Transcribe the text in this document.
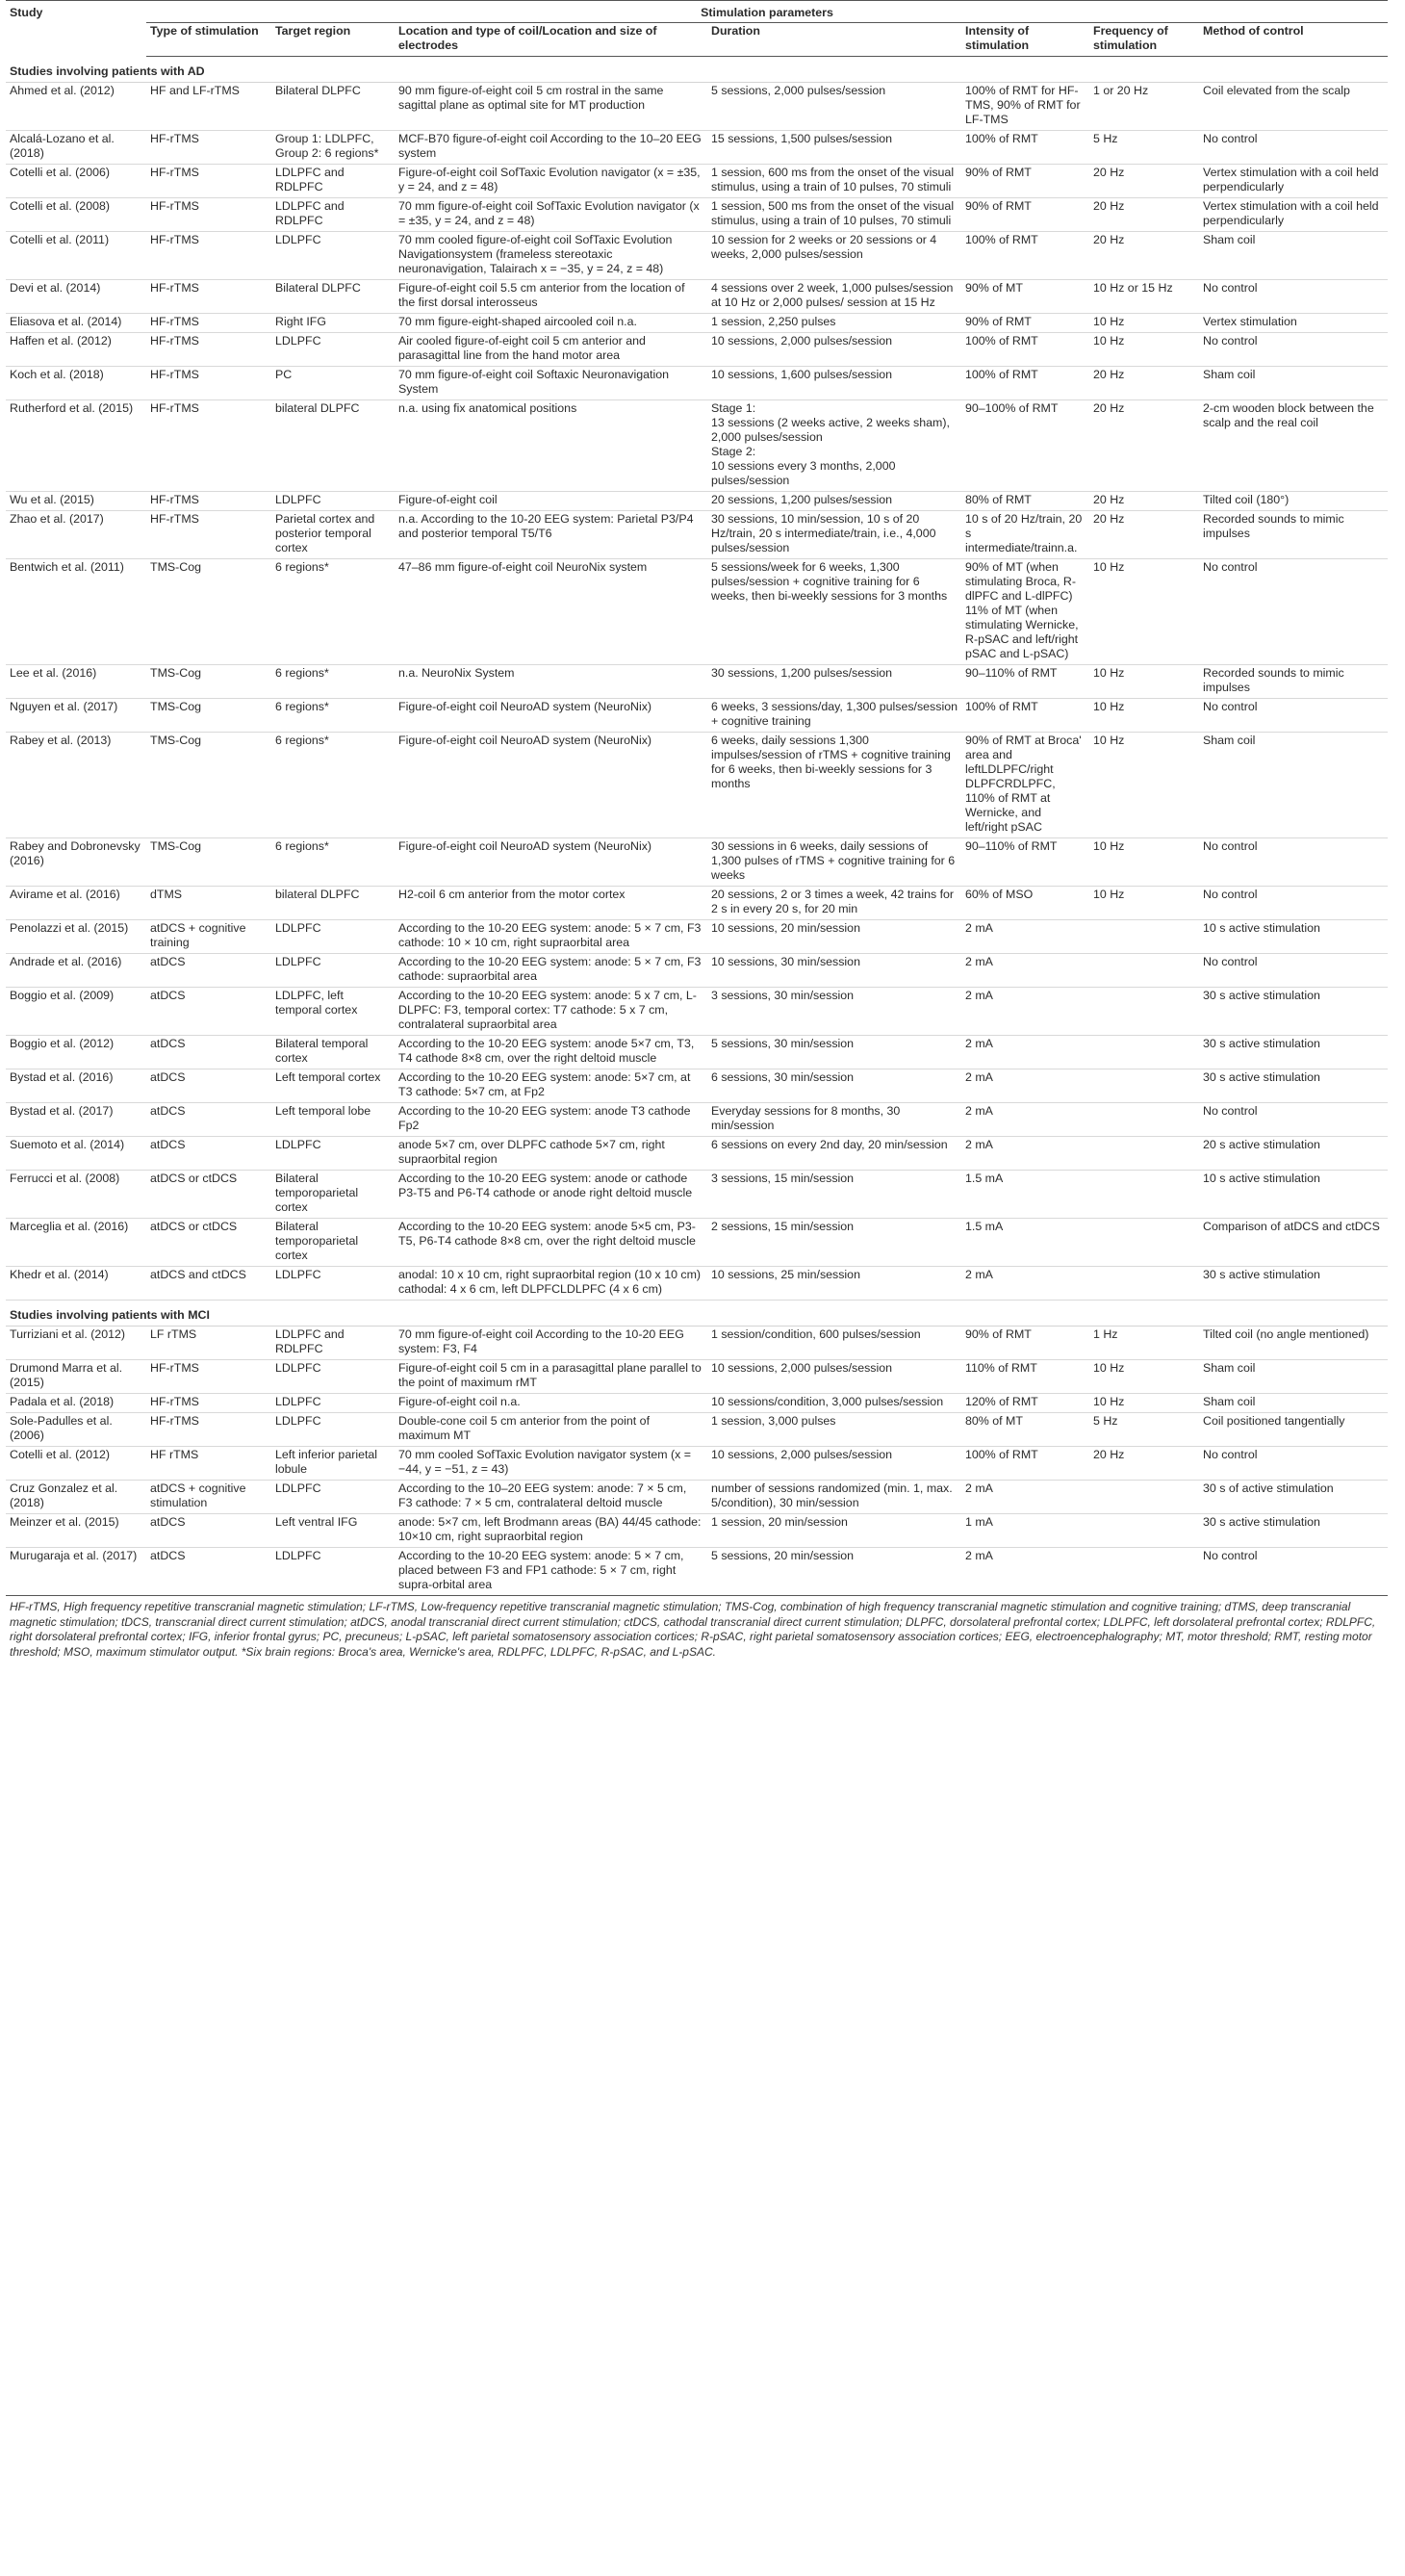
Study	Stimulation parameters						
	Type of stimulation	Target region	Location and type of coil/Location and size of electrodes	Duration	Intensity of stimulation	Frequency of stimulation	Method of control
Studies involving patients with AD							
Ahmed et al. (2012)	HF and LF-rTMS	Bilateral DLPFC	90 mm figure-of-eight coil 5 cm rostral in the same sagittal plane as optimal site for MT production	5 sessions, 2,000 pulses/session	100% of RMT for HF-TMS, 90% of RMT for LF-TMS	1 or 20 Hz	Coil elevated from the scalp
Alcalá-Lozano et al. (2018)	HF-rTMS	Group 1: LDLPFC, Group 2: 6 regions*	MCF-B70 figure-of-eight coil According to the 10–20 EEG system	15 sessions, 1,500 pulses/session	100% of RMT	5 Hz	No control
Cotelli et al. (2006)	HF-rTMS	LDLPFC and RDLPFC	Figure-of-eight coil SofTaxic Evolution navigator (x = ±35, y = 24, and z = 48)	1 session, 600 ms from the onset of the visual stimulus, using a train of 10 pulses, 70 stimuli	90% of RMT	20 Hz	Vertex stimulation with a coil held perpendicularly
Cotelli et al. (2008)	HF-rTMS	LDLPFC and RDLPFC	70 mm figure-of-eight coil SofTaxic Evolution navigator (x = ±35, y = 24, and z = 48)	1 session, 500 ms from the onset of the visual stimulus, using a train of 10 pulses, 70 stimuli	90% of RMT	20 Hz	Vertex stimulation with a coil held perpendicularly
Cotelli et al. (2011)	HF-rTMS	LDLPFC	70 mm cooled figure-of-eight coil SofTaxic Evolution Navigationsystem (frameless stereotaxic neuronavigation, Talairach x = −35, y = 24, z = 48)	10 session for 2 weeks or 20 sessions or 4 weeks, 2,000 pulses/session	100% of RMT	20 Hz	Sham coil
Devi et al. (2014)	HF-rTMS	Bilateral DLPFC	Figure-of-eight coil 5.5 cm anterior from the location of the first dorsal interosseus	4 sessions over 2 week, 1,000 pulses/session at 10 Hz or 2,000 pulses/ session at 15 Hz	90% of MT	10 Hz or 15 Hz	No control
Eliasova et al. (2014)	HF-rTMS	Right IFG	70 mm figure-eight-shaped aircooled coil n.a.	1 session, 2,250 pulses	90% of RMT	10 Hz	Vertex stimulation
Haffen et al. (2012)	HF-rTMS	LDLPFC	Air cooled figure-of-eight coil 5 cm anterior and parasagittal line from the hand motor area	10 sessions, 2,000 pulses/session	100% of RMT	10 Hz	No control
Koch et al. (2018)	HF-rTMS	PC	70 mm figure-of-eight coil Softaxic Neuronavigation System	10 sessions, 1,600 pulses/session	100% of RMT	20 Hz	Sham coil
Rutherford et al. (2015)	HF-rTMS	bilateral DLPFC	n.a. using fix anatomical positions	Stage 1:
13 sessions (2 weeks active, 2 weeks sham), 2,000 pulses/session
Stage 2:
10 sessions every 3 months, 2,000 pulses/session	90–100% of RMT	20 Hz	2-cm wooden block between the scalp and the real coil
Wu et al. (2015)	HF-rTMS	LDLPFC	Figure-of-eight coil	20 sessions, 1,200 pulses/session	80% of RMT	20 Hz	Tilted coil (180°)
Zhao et al. (2017)	HF-rTMS	Parietal cortex and posterior temporal cortex	n.a. According to the 10-20 EEG system: Parietal P3/P4 and posterior temporal T5/T6	30 sessions, 10 min/session, 10 s of 20 Hz/train, 20 s intermediate/train, i.e., 4,000 pulses/session	10 s of 20 Hz/train, 20 s intermediate/trainn.a.	20 Hz	Recorded sounds to mimic impulses
Bentwich et al. (2011)	TMS-Cog	6 regions*	47–86 mm figure-of-eight coil NeuroNix system	5 sessions/week for 6 weeks, 1,300 pulses/session + cognitive training for 6 weeks, then bi-weekly sessions for 3 months	90% of MT (when stimulating Broca, R-dlPFC and L-dlPFC) 11% of MT (when stimulating Wernicke, R-pSAC and left/right pSAC and L-pSAC)	10 Hz	No control
Lee et al. (2016)	TMS-Cog	6 regions*	n.a. NeuroNix System	30 sessions, 1,200 pulses/session	90–110% of RMT	10 Hz	Recorded sounds to mimic impulses
Nguyen et al. (2017)	TMS-Cog	6 regions*	Figure-of-eight coil NeuroAD system (NeuroNix)	6 weeks, 3 sessions/day, 1,300 pulses/session + cognitive training	100% of RMT	10 Hz	No control
Rabey et al. (2013)	TMS-Cog	6 regions*	Figure-of-eight coil NeuroAD system (NeuroNix)	6 weeks, daily sessions 1,300 impulses/session of rTMS + cognitive training for 6 weeks, then bi-weekly sessions for 3 months	90% of RMT at Broca' area and leftLDLPFC/right DLPFCRDLPFC, 110% of RMT at Wernicke, and left/right pSAC	10 Hz	Sham coil
Rabey and Dobronevsky (2016)	TMS-Cog	6 regions*	Figure-of-eight coil NeuroAD system (NeuroNix)	30 sessions in 6 weeks, daily sessions of 1,300 pulses of rTMS + cognitive training for 6 weeks	90–110% of RMT	10 Hz	No control
Avirame et al. (2016)	dTMS	bilateral DLPFC	H2-coil 6 cm anterior from the motor cortex	20 sessions, 2 or 3 times a week, 42 trains for 2 s in every 20 s, for 20 min	60% of MSO	10 Hz	No control
Penolazzi et al. (2015)	atDCS + cognitive training	LDLPFC	According to the 10-20 EEG system: anode: 5 × 7 cm, F3 cathode: 10 × 10 cm, right supraorbital area	10 sessions, 20 min/session	2 mA		10 s active stimulation
Andrade et al. (2016)	atDCS	LDLPFC	According to the 10-20 EEG system: anode: 5 × 7 cm, F3 cathode: supraorbital area	10 sessions, 30 min/session	2 mA		No control
Boggio et al. (2009)	atDCS	LDLPFC, left temporal cortex	According to the 10-20 EEG system: anode: 5 x 7 cm, L-DLPFC: F3, temporal cortex: T7 cathode: 5 x 7 cm, contralateral supraorbital area	3 sessions, 30 min/session	2 mA		30 s active stimulation
Boggio et al. (2012)	atDCS	Bilateral temporal cortex	According to the 10-20 EEG system: anode 5×7 cm, T3, T4 cathode 8×8 cm, over the right deltoid muscle	5 sessions, 30 min/session	2 mA		30 s active stimulation
Bystad et al. (2016)	atDCS	Left temporal cortex	According to the 10-20 EEG system: anode: 5×7 cm, at T3 cathode: 5×7 cm, at Fp2	6 sessions, 30 min/session	2 mA		30 s active stimulation
Bystad et al. (2017)	atDCS	Left temporal lobe	According to the 10-20 EEG system: anode T3 cathode Fp2	Everyday sessions for 8 months, 30 min/session	2 mA		No control
Suemoto et al. (2014)	atDCS	LDLPFC	anode 5×7 cm, over DLPFC cathode 5×7 cm, right supraorbital region	6 sessions on every 2nd day, 20 min/session	2 mA		20 s active stimulation
Ferrucci et al. (2008)	atDCS or ctDCS	Bilateral temporoparietal cortex	According to the 10-20 EEG system: anode or cathode P3-T5 and P6-T4 cathode or anode right deltoid muscle	3 sessions, 15 min/session	1.5 mA		10 s active stimulation
Marceglia et al. (2016)	atDCS or ctDCS	Bilateral temporoparietal cortex	According to the 10-20 EEG system: anode 5×5 cm, P3-T5, P6-T4 cathode 8×8 cm, over the right deltoid muscle	2 sessions, 15 min/session	1.5 mA		Comparison of atDCS and ctDCS
Khedr et al. (2014)	atDCS and ctDCS	LDLPFC	anodal: 10 x 10 cm, right supraorbital region (10 x 10 cm) cathodal: 4 x 6 cm, left DLPFCLDLPFC (4 x 6 cm)	10 sessions, 25 min/session	2 mA		30 s active stimulation
Studies involving patients with MCI							
Turriziani et al. (2012)	LF rTMS	LDLPFC and RDLPFC	70 mm figure-of-eight coil According to the 10-20 EEG system: F3, F4	1 session/condition, 600 pulses/session	90% of RMT	1 Hz	Tilted coil (no angle mentioned)
Drumond Marra et al. (2015)	HF-rTMS	LDLPFC	Figure-of-eight coil 5 cm in a parasagittal plane parallel to the point of maximum rMT	10 sessions, 2,000 pulses/session	110% of RMT	10 Hz	Sham coil
Padala et al. (2018)	HF-rTMS	LDLPFC	Figure-of-eight coil n.a.	10 sessions/condition, 3,000 pulses/session	120% of RMT	10 Hz	Sham coil
Sole-Padulles et al. (2006)	HF-rTMS	LDLPFC	Double-cone coil 5 cm anterior from the point of maximum MT	1 session, 3,000 pulses	80% of MT	5 Hz	Coil positioned tangentially
Cotelli et al. (2012)	HF rTMS	Left inferior parietal lobule	70 mm cooled SofTaxic Evolution navigator system (x = −44, y = −51, z = 43)	10 sessions, 2,000 pulses/session	100% of RMT	20 Hz	No control
Cruz Gonzalez et al. (2018)	atDCS + cognitive stimulation	LDLPFC	According to the 10–20 EEG system: anode: 7 × 5 cm, F3 cathode: 7 × 5 cm, contralateral deltoid muscle	number of sessions randomized (min. 1, max. 5/condition), 30 min/session	2 mA		30 s of active stimulation
Meinzer et al. (2015)	atDCS	Left ventral IFG	anode: 5×7 cm, left Brodmann areas (BA) 44/45 cathode: 10×10 cm, right supraorbital region	1 session, 20 min/session	1 mA		30 s active stimulation
Murugaraja et al. (2017)	atDCS	LDLPFC	According to the 10-20 EEG system: anode: 5 × 7 cm, placed between F3 and FP1 cathode: 5 × 7 cm, right supra-orbital area	5 sessions, 20 min/session	2 mA		No control
HF-rTMS, High frequency repetitive transcranial magnetic stimulation; LF-rTMS, Low-frequency repetitive transcranial magnetic stimulation; TMS-Cog, combination of high frequency transcranial magnetic stimulation and cognitive training; dTMS, deep transcranial magnetic stimulation; tDCS, transcranial direct current stimulation; atDCS, anodal transcranial direct current stimulation; ctDCS, cathodal transcranial direct current stimulation; DLPFC, dorsolateral prefrontal cortex; LDLPFC, left dorsolateral prefrontal cortex; RDLPFC, right dorsolateral prefrontal cortex; IFG, inferior frontal gyrus; PC, precuneus; L-pSAC, left parietal somatosensory association cortices; R-pSAC, right parietal somatosensory association cortices; EEG, electroencephalography; MT, motor threshold; RMT, resting motor threshold; MSO, maximum stimulator output. *Six brain regions: Broca's area, Wernicke's area, RDLPFC, LDLPFC, R-pSAC, and L-pSAC.
